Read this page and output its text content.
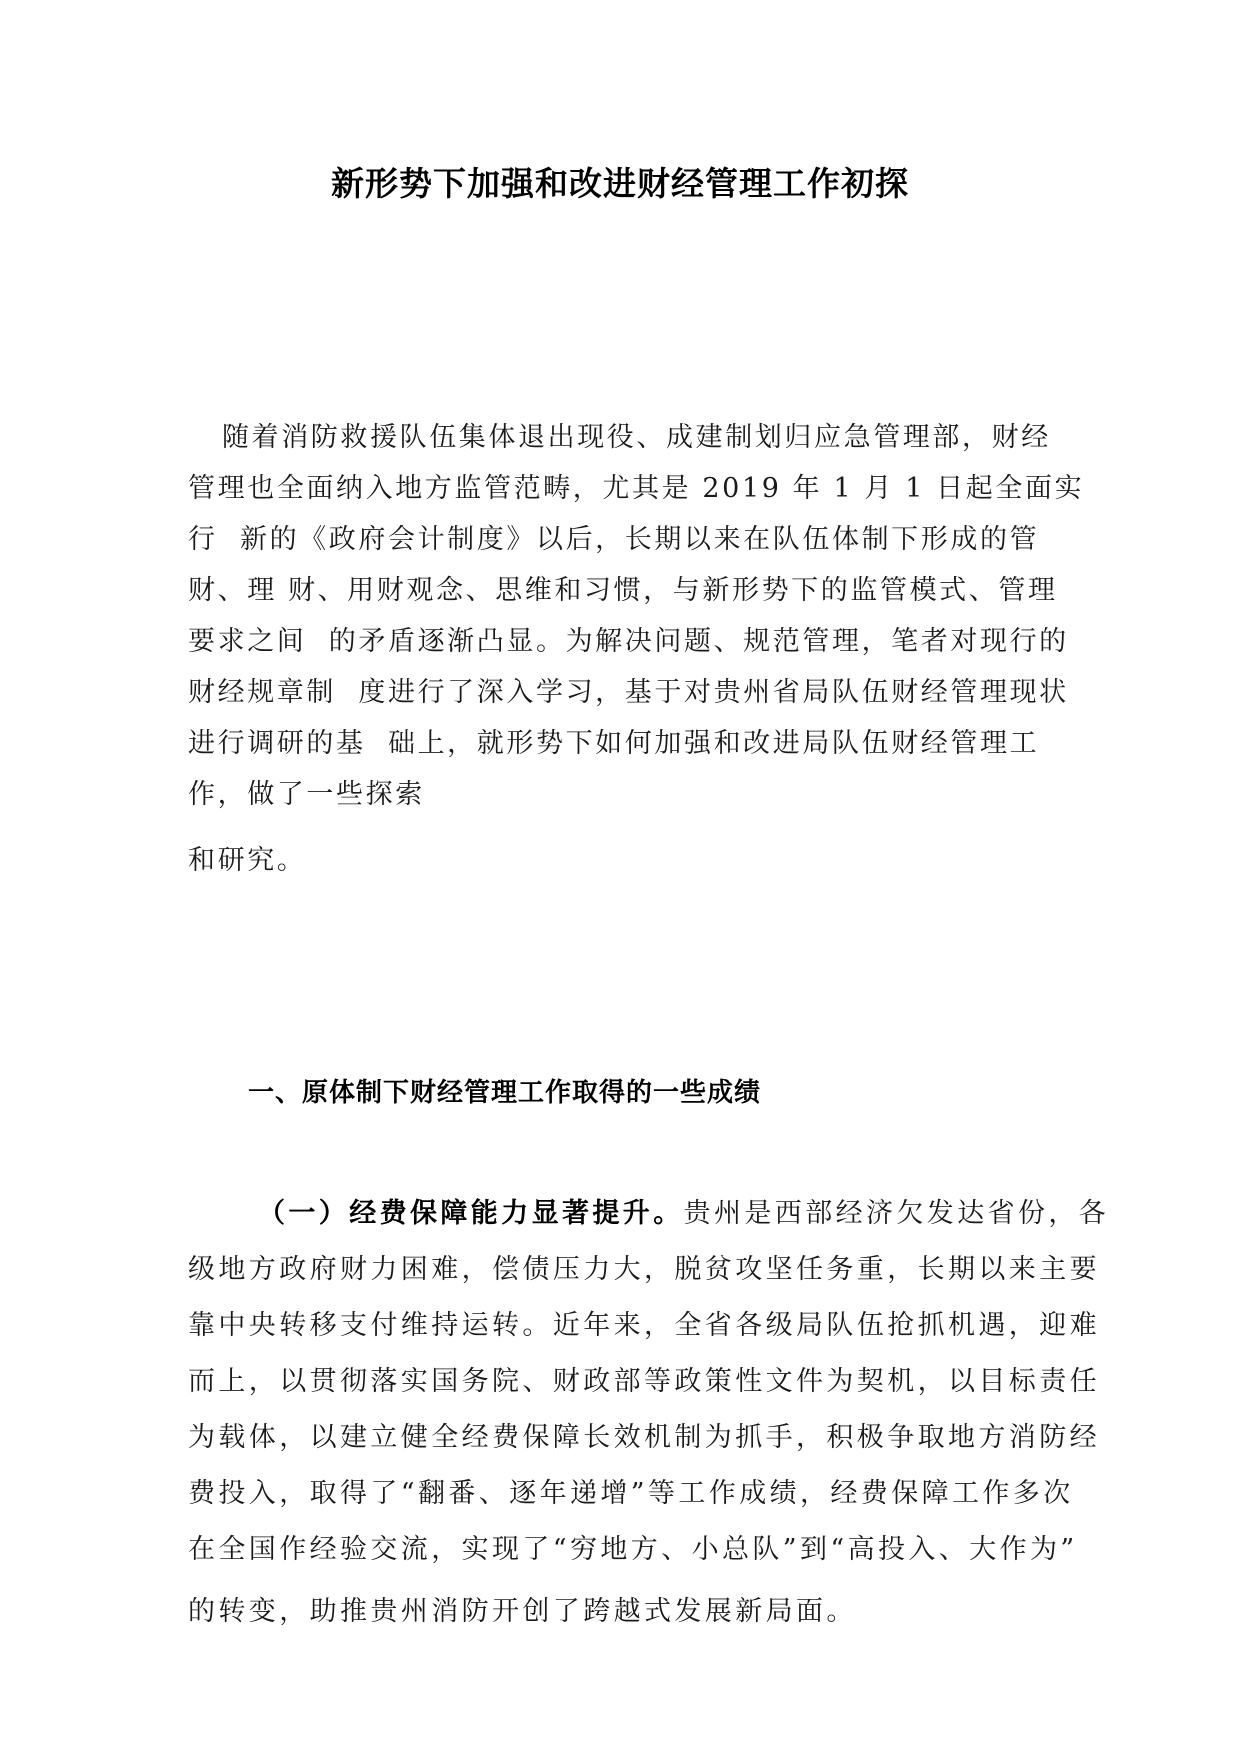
新形势下加强和改进财经管理工作初探
随着消防救援队伍集体退出现役、成建制划归应急管理部，财经
管理也全面纳入地方监管范畴，尤其是 2019 年 1 月 1 日起全面实
行  新的《政府会计制度》以后，长期以来在队伍体制下形成的管
财、理 财、用财观念、思维和习惯，与新形势下的监管模式、管理
要求之间  的矛盾逐渐凸显。为解决问题、规范管理，笔者对现行的
财经规章制  度进行了深入学习，基于对贵州省局队伍财经管理现状
进行调研的基  础上，就形势下如何加强和改进局队伍财经管理工
作，做了一些探索
和研究。
一、原体制下财经管理工作取得的一些成绩
（一）经费保障能力显著提升。贵州是西部经济欠发达省份，各
级地方政府财力困难，偿债压力大，脱贫攻坚任务重，长期以来主要
靠中央转移支付维持运转。近年来，全省各级局队伍抢抓机遇，迎难
而上，以贯彻落实国务院、财政部等政策性文件为契机，以目标责任
为载体，以建立健全经费保障长效机制为抓手，积极争取地方消防经
费投入，取得了“翻番、逐年递增”等工作成绩，经费保障工作多次
在全国作经验交流，实现了“穷地方、小总队”到“高投入、大作为”
的转变，助推贵州消防开创了跨越式发展新局面。
